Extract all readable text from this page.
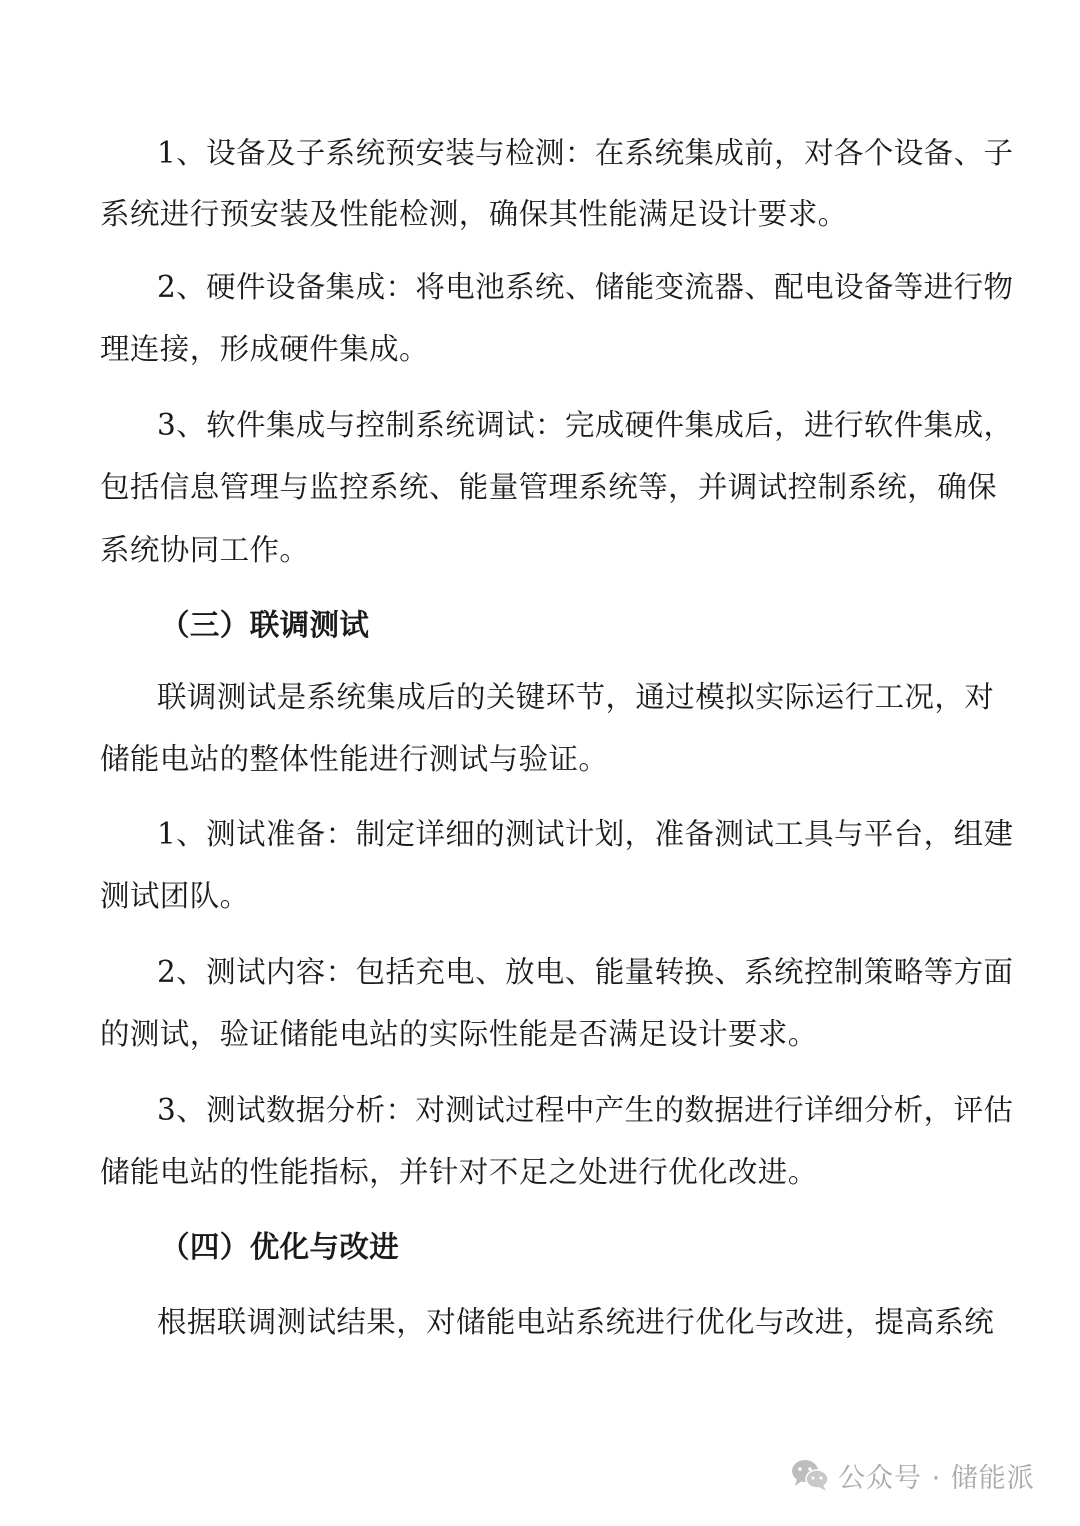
1、设备及子系统预安装与检测：在系统集成前，对各个设备、子
系统进行预安装及性能检测，确保其性能满足设计要求。
2、硬件设备集成：将电池系统、储能变流器、配电设备等进行物
理连接，形成硬件集成。
3、软件集成与控制系统调试：完成硬件集成后，进行软件集成，
包括信息管理与监控系统、能量管理系统等，并调试控制系统，确保
系统协同工作。
（三）联调测试
联调测试是系统集成后的关键环节，通过模拟实际运行工况，对
储能电站的整体性能进行测试与验证。
1、测试准备：制定详细的测试计划，准备测试工具与平台，组建
测试团队。
2、测试内容：包括充电、放电、能量转换、系统控制策略等方面
的测试，验证储能电站的实际性能是否满足设计要求。
3、测试数据分析：对测试过程中产生的数据进行详细分析，评估
储能电站的性能指标，并针对不足之处进行优化改进。
（四）优化与改进
根据联调测试结果，对储能电站系统进行优化与改进，提高系统
公众号 · 储能派
